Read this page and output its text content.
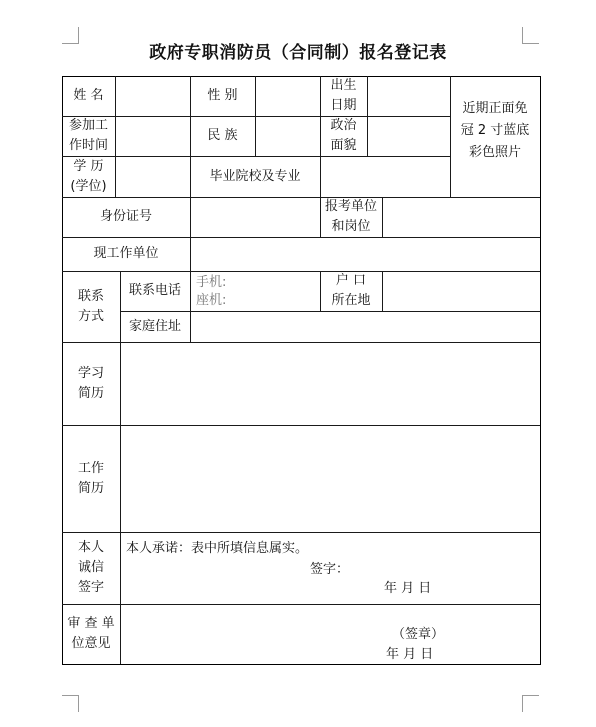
政府专职消防员（合同制）报名登记表
姓 名	性 别
出生
日期	近期正面免
冠 2 寸蓝底
彩色照片
参加工
作时间
民 族
政治
面貌
学 历
(学位)
毕业院校及专业
身份证号
报考单位
和岗位
现工作单位
联系
方式
联系电话
手机:
座机:
户 口
所在地
家庭住址
学习
简历
工作
简历
本人
诚信
签字
本人承诺：表中所填信息属实。
签字：
年 月 日
审 查 单
位意见
（签章）
年 月 日
